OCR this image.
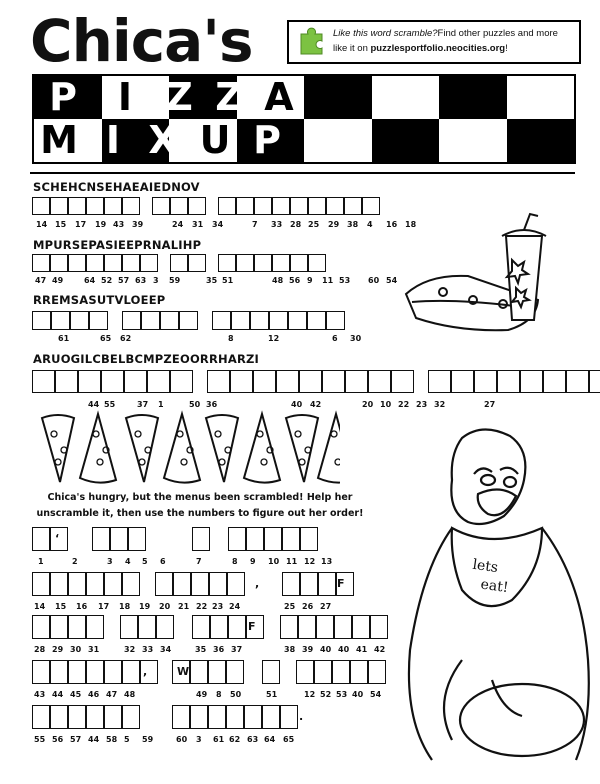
Chica's	Like this word scramble?Find other puzzles and more like it on puzzlesportfolio.neocities.org!
P	I Z Z A
M I X U P
SCHEHCNSEHAEAIEDNOV
MPURSEPASIEEPRNALIHP
RREMSASUTVLOEEP
ARUOGILCBELBCMPZEOORRHARZI
Chica's hungry, but the menus been scrambled! Help her unscramble it, then use the numbers to figure out her order!
lets
eat!
14 15 17 19 43 39	24 31 34	7 33 28 25 29 38 4 16 18
47 49	64 52 57 63 3 59	35 51	48 56 9 11 53 60 54
61	65 62	8	12	6 30
44 55	37 1	50 36	40 42	20 10 22 23 32	27
1	2	3 4 5 6	7	8 9 10 11 12 13
‘
14 15 16 17 18 19 20 21 22 23 24	25 26 27
,	F
28 29 30 31	32 33 34	35 36 37	38 39 40 40 41 42
F
43 44 45 46 47 48	49 8 50	51	12 52 53 40 54
,	W
55 56 57 44 58 5 59	60 3 61 62 63 64 65
.
